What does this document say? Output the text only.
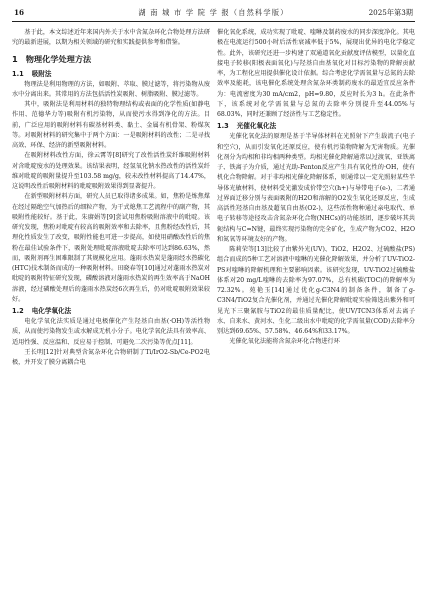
16	湖 南 城 市 学 院 学 报（自然科学版）	2025年第3期

基于此，本文综述近年来国内外关于水中含氮杂环化合物处理方法研究的最新进展，以期为相关领域的研究和实践提供参考和借鉴。

1 物理化学处理方法
1.1 吸附法

物理法是利用物理的方法，如吸附、萃取、膜过滤等，将污染物从废水中分离出来。其常用的方法包括活性炭吸附、树脂吸附、膜过滤等。

其中，吸附法是利用材料的独特物理结构或表面的化学性质(如静电作用、范德华力等)吸附有机污染物，从而使污水得到净化的方法。目前，广泛应用的吸附材料有碳基材料类、黏土、金属有机骨架、粉煤灰等。对吸附材料的研究集中于两个方面：一是吸附材料的改性；二是寻找高效、环保、经济的新型吸附材料。

在吸附材料改性方面，徐云霄等[8]研究了改性活性炭纤维吸附材料对含吡啶废水的处理效果。该结果表明，经氢氧化钠水热改性的活性炭纤维对吡啶的吸附量提升至103.58 mg/g，较未改性材料提高了14.47%，这说明改性后吸附材料的吡啶吸附效果得到显著提升。

在新型吸附材料方面，研究人员已取得诸多成果。如，焦粉是炼焦煤在经过隔绝空气加热后的细粒产物，为干式熄焦工艺流程中的副产物，其吸附性能较好。基于此，朱赓娟等[9]尝试用焦粉吸附溶液中的吡啶。该研究发现，焦粉对吡啶有较高的吸附效率和去除率，且焦粉经改性后，其理化性质发生了改变，吸附性能也可进一步提高，如使用硝酸改性后的焦粉在最佳试验条件下，吸附处理吡啶溶液吡啶去除率可达到86.63%，然而，吸附剂再生困难限制了其规模化应用。蓬雨水热炭是蓬雨经水热碳化(HTC)技术制备而成的一种吸附材料。田晓春等[10]通过对蓬雨水热炭对吡啶的吸附特征研究发现，磷酸溶液对蓬雨水热炭的再生效率高于NaOH溶液，经过磷酸处理后的蓬雨水热炭经6次再生后，仍对吡啶吸附效果较好。

1.2 电化学氧化法

电化学氧化法实质是通过电极催化产生羟基自由基(·OH)等活性物质，从而使污染物发生或水解成无机小分子。电化学氧化法具有效率高、适用性强、反应温和、反应易于控制、可避免二次污染等优点[11]。

王长明[12]针对典型含氮杂环化合物研制了Ti/IrO2-Sb/Ce-PO2电极，并开发了膜分离耦合电

催化氧化系统，成功实现了吡啶、喹啉及制药废水的同步深度净化。其电极在电流运行500小时后活性衰减率低于5%，展现出优异的电化学稳定性。此外，该研究还进一步构建了双通道氧化贡献度评估模型，以量化直接电子转移(阳极表面氧化)与羟基自由基氧化对目标污染物的降解贡献率，为工程化应用提供催化设计依据。综合考虑化学需氧量与总氮的去除效率及能耗，该电催化系统处理含氮杂环类制药废水的最适宜反应条件为：电流密度为30 mA/cm2，pH=9.80，反应时长为3 h。在此条件下，该系统对化学需氧量与总氮的去除率分别提升至44.05%与68.03%，同时还兼顾了经济性与工艺稳定性。

1.3 光催化氧化法

光催化氧化法的原理是基于半导体材料在光照射下产生载流子(电子和空穴)，从而引发氧化还原反应，使有机污染物降解为无害物质。光催化剂分为均相和非均相两种类型。均相光催化降解通常以过渡氧、亚铁离子、铁离子为介质，通过光助-Fenton反应产生具有氧化性的·OH，使有机化合物降解。对于非均相光催化降解体系，则通常以一定光照射某些半导体光敏材料，使材料受光激发成价带空穴(h+)与导带电子(e-)，二者通过界面迁移分别与表面吸附的H2O和溶解的O2发生氧化还原反应，生成高活性羟基自由基及超氧自由基(O2-)，这些活性物种通过亲电取代、单电子转移等途径攻击含氮杂环化合物(NHCs)的功能基团，逐步破坏其共轭结构与C=N键，最终实现污染物的完全矿化，生成产物为CO2、H2O和氮氧等环境友好的产物。

陈莉荣等[13]比较了由紫外光(UV)、TiO2、H2O2、过硫酸盐(PS)组合而成的5种工艺对溶液中喹啉的光催化降解效果，并分析了UV-TiO2-PS对喹啉的降解机理和主要影响因素。该研究发现，UV-TiO2过硫酸盐体系对20 mg/L喹啉的去除率为97.07%，总有机碳(TOC)的降解率为72.32%。苑艳玉[14]通过优化g-C3N4的制备条件，制备了g-C3N4/TiO2复合光催化剂，并通过光催化降解吡啶实验筛选出紫外和可见光下三聚氰胺与TiO2的最佳质量配比，使UV/TCN3体系对去离子水、自来水、黄河水、生化二级出水中吡啶的化学需氧量(COD)去除率分别达到69.65%、57.58%、46.64%和33.17%。

光催化氧化法能将含氮杂环化合物进行环
